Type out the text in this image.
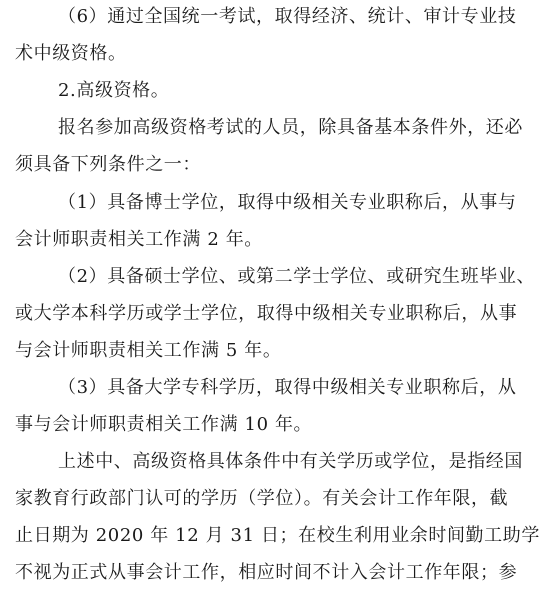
（6）通过全国统一考试，取得经济、统计、审计专业技
术中级资格。
2.高级资格。
报名参加高级资格考试的人员，除具备基本条件外，还必
须具备下列条件之一：
（1）具备博士学位，取得中级相关专业职称后，从事与
会计师职责相关工作满 2 年。
（2）具备硕士学位、或第二学士学位、或研究生班毕业、
或大学本科学历或学士学位，取得中级相关专业职称后，从事
与会计师职责相关工作满 5 年。
（3）具备大学专科学历，取得中级相关专业职称后，从
事与会计师职责相关工作满 10 年。
上述中、高级资格具体条件中有关学历或学位，是指经国
家教育行政部门认可的学历（学位）。有关会计工作年限，截
止日期为 2020 年 12 月 31 日；在校生利用业余时间勤工助学
不视为正式从事会计工作，相应时间不计入会计工作年限；参
